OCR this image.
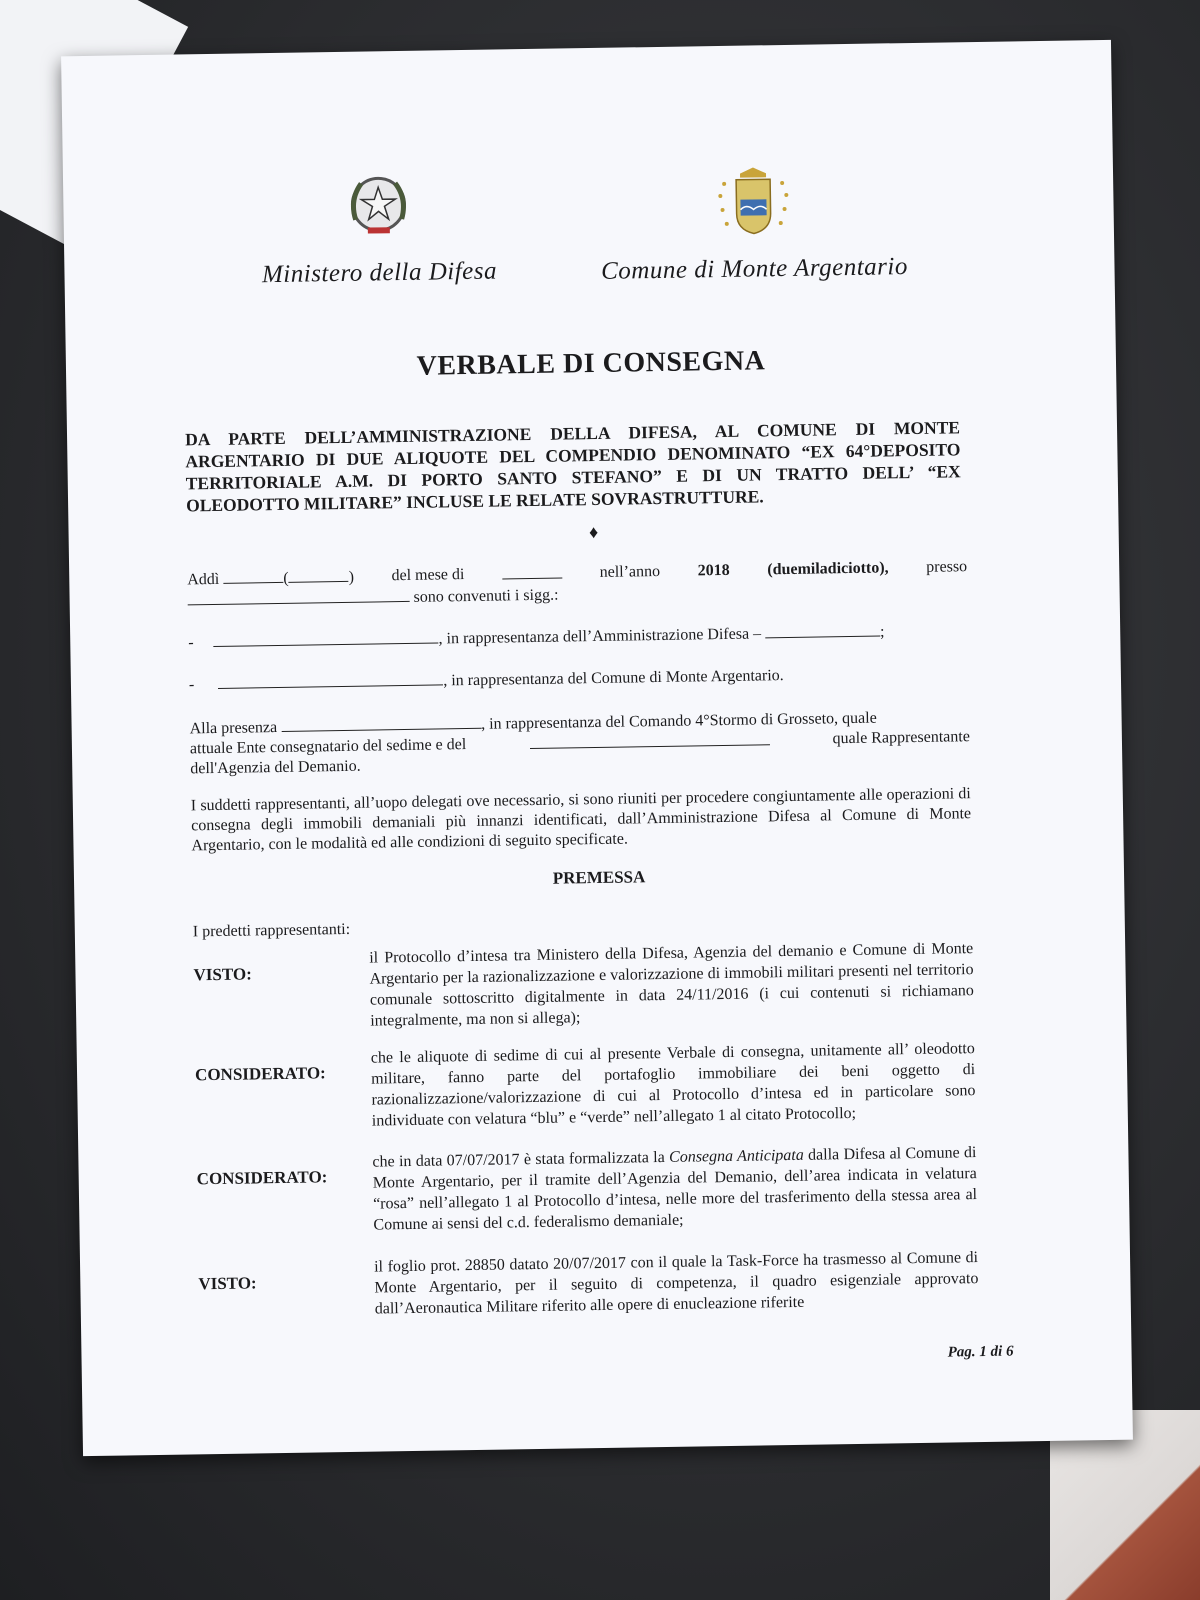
Ministero della Difesa	Comune di Monte Argentario
VERBALE DI CONSEGNA
DA PARTE DELL’AMMINISTRAZIONE DELLA DIFESA, AL COMUNE DI MONTE ARGENTARIO DI DUE ALIQUOTE DEL COMPENDIO DENOMINATO “EX 64°DEPOSITO TERRITORIALE A.M. DI PORTO SANTO STEFANO” E DI UN TRATTO DELL’ “EX OLEODOTTO MILITARE” INCLUSE LE RELATE SOVRASTRUTTURE.
♦
Addì	(	) del mese di	nell’anno 2018 (duemiladiciotto), presso
sono convenuti i sigg.:
-	, in rappresentanza dell’Amministrazione Difesa –	;
-	, in rappresentanza del Comune di Monte Argentario.
Alla presenza	, in rappresentanza del Comando 4°Stormo di Grosseto, quale
attuale Ente consegnatario del sedime e del	quale Rappresentante
dell'Agenzia del Demanio.
I suddetti rappresentanti, all’uopo delegati ove necessario, si sono riuniti per procedere congiuntamente alle operazioni di consegna degli immobili demaniali più innanzi identificati, dall’Amministrazione Difesa al Comune di Monte Argentario, con le modalità ed alle condizioni di seguito specificate.
PREMESSA
I predetti rappresentanti:
VISTO:
il Protocollo d’intesa tra Ministero della Difesa, Agenzia del demanio e Comune di Monte Argentario per la razionalizzazione e valorizzazione di immobili militari presenti nel territorio comunale sottoscritto digitalmente in data 24/11/2016 (i cui contenuti si richiamano integralmente, ma non si allega);
CONSIDERATO:
che le aliquote di sedime di cui al presente Verbale di consegna, unitamente all’ oleodotto militare, fanno parte del portafoglio immobiliare dei beni oggetto di razionalizzazione/valorizzazione di cui al Protocollo d’intesa ed in particolare sono individuate con velatura “blu” e “verde” nell’allegato 1 al citato Protocollo;
CONSIDERATO:
che in data 07/07/2017 è stata formalizzata la Consegna Anticipata dalla Difesa al Comune di Monte Argentario, per il tramite dell’Agenzia del Demanio, dell’area indicata in velatura “rosa” nell’allegato 1 al Protocollo d’intesa, nelle more del trasferimento della stessa area al Comune ai sensi del c.d. federalismo demaniale;
VISTO:
il foglio prot. 28850 datato 20/07/2017 con il quale la Task-Force ha trasmesso al Comune di Monte Argentario, per il seguito di competenza, il quadro esigenziale approvato dall’Aeronautica Militare riferito alle opere di enucleazione riferite
Pag. 1 di 6
